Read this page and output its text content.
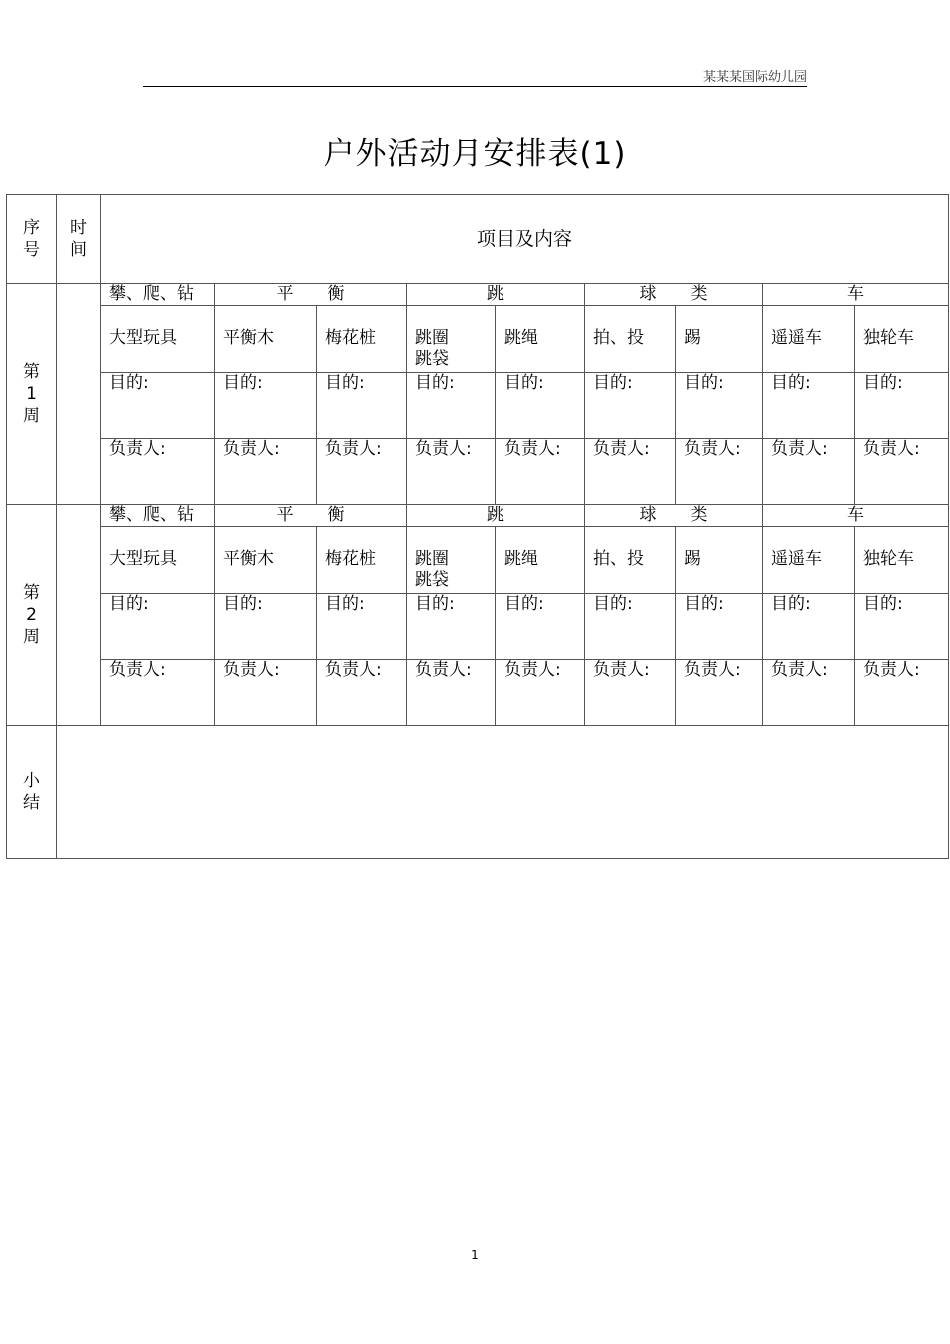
某某某国际幼儿园
户外活动月安排表(1)
序号	时间	项目及内容								

第1周		攀、爬、钻	平　　衡		跳		球　　类		车	

		大型玩具	平衡木	梅花桩	跳圈
跳袋	跳绳	拍、投	踢	遥遥车	独轮车

		目的:	目的:	目的:	目的:	目的:	目的:	目的:	目的:	目的:
		负责人:	负责人:	负责人:	负责人:	负责人:	负责人:	负责人:	负责人:	负责人:

第2周		攀、爬、钻	平　　衡		跳		球　　类		车	

		大型玩具	平衡木	梅花桩	跳圈
跳袋	跳绳	拍、投	踢	遥遥车	独轮车

		目的:	目的:	目的:	目的:	目的:	目的:	目的:	目的:	目的:
		负责人:	负责人:	负责人:	负责人:	负责人:	负责人:	负责人:	负责人:	负责人:

小结										

1
